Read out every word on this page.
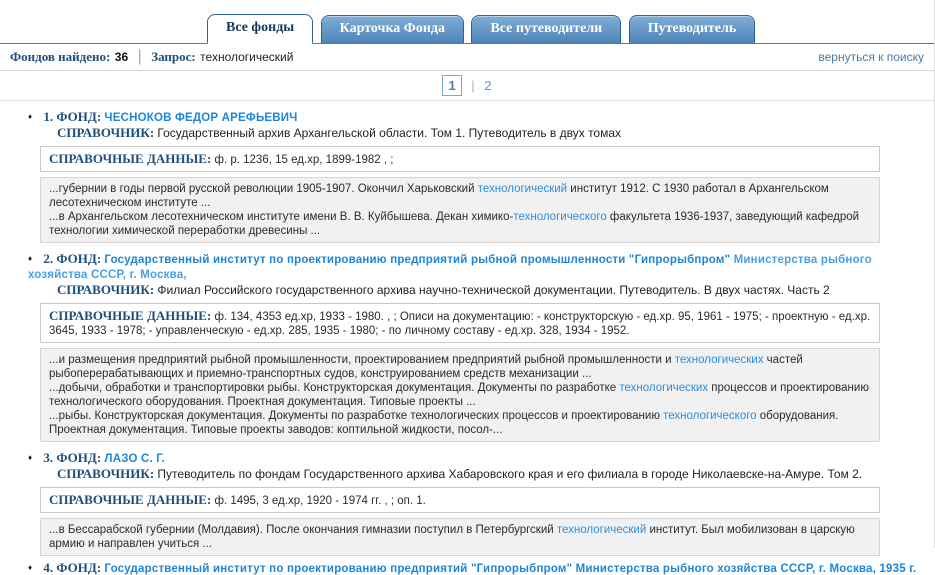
Все фонды	Карточка Фонда	Все путеводители	Путеводитель
Фондов найдено: 36 | Запрос: технологический	вернуться к поиску
1 | 2
♦ 1. ФОНД: ЧЕСНОКОВ ФЕДОР АРЕФЬЕВИЧ
СПРАВОЧНИК: Государственный архив Архангельской области. Том 1. Путеводитель в двух томах
СПРАВОЧНЫЕ ДАННЫЕ: ф. р. 1236, 15 ед.хр, 1899-1982 , ;
...губернии в годы первой русской революции 1905-1907. Окончил Харьковский технологический институт 1912. С 1930 работал в Архангельском лесотехническом институте ...
...в Архангельском лесотехническом институте имени В. В. Куйбышева. Декан химико-технологического факультета 1936-1937, заведующий кафедрой технологии химической переработки древесины ...
♦ 2. ФОНД: Государственный институт по проектированию предприятий рыбной промышленности "Гипрорыбпром" Министерства рыбного хозяйства СССР, г. Москва,
СПРАВОЧНИК: Филиал Российского государственного архива научно-технической документации. Путеводитель. В двух частях. Часть 2
СПРАВОЧНЫЕ ДАННЫЕ: ф. 134, 4353 ед.хр, 1933 - 1980. , ; Описи на документацию: - конструкторскую - ед.хр. 95, 1961 - 1975; - проектную - ед.хр. 3645, 1933 - 1978; - управленческую - ед.хр. 285, 1935 - 1980; - по личному составу - ед.хр. 328, 1934 - 1952.
...и размещения предприятий рыбной промышленности, проектированием предприятий рыбной промышленности и технологических частей рыбоперерабатывающих и приемно-транспортных судов, конструированием средств механизации ...
...добычи, обработки и транспортировки рыбы. Конструкторская документация. Документы по разработке технологических процессов и проектированию технологического оборудования. Проектная документация. Типовые проекты ...
...рыбы. Конструкторская документация. Документы по разработке технологических процессов и проектированию технологического оборудования. Проектная документация. Типовые проекты заводов: коптильной жидкости, посол-...
♦ 3. ФОНД: ЛАЗО С. Г.
СПРАВОЧНИК: Путеводитель по фондам Государственного архива Хабаровского края и его филиала в городе Николаевске-на-Амуре. Том 2.
СПРАВОЧНЫЕ ДАННЫЕ: ф. 1495, 3 ед.хр, 1920 - 1974 гг. , ; оп. 1.
...в Бессарабской губернии (Молдавия). После окончания гимназии поступил в Петербургский технологический институт. Был мобилизован в царскую армию и направлен учиться ...
♦ 4. ФОНД: Государственный институт по проектированию предприятий "Гипрорыбпром" Министерства рыбного хозяйства СССР, г. Москва, 1935 г.
